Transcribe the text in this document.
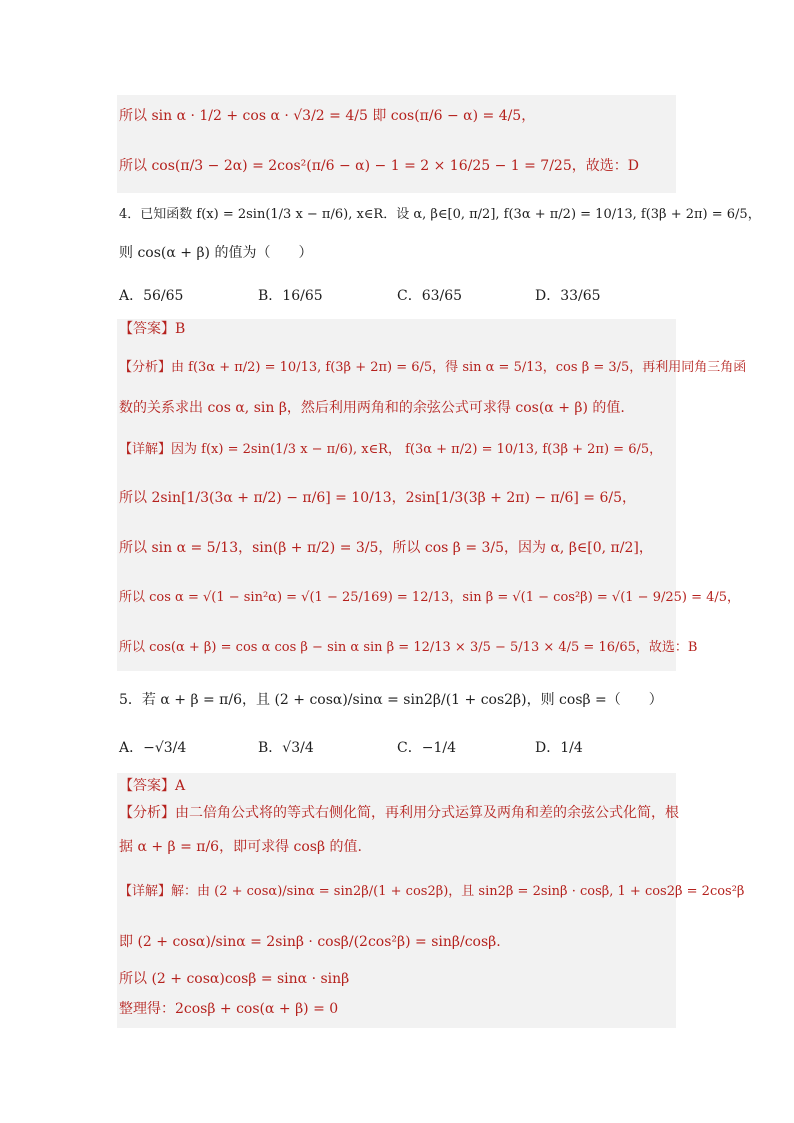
所以 sin α · 1/2 + cos α · √3/2 = 4/5 即 cos(π/6 − α) = 4/5，
所以 cos(π/3 − 2α) = 2cos²(π/6 − α) − 1 = 2 × 16/25 − 1 = 7/25，故选：D
4．已知函数 f(x) = 2sin(1/3 x − π/6), x∈R．设 α, β∈[0, π/2], f(3α + π/2) = 10/13, f(3β + 2π) = 6/5，
则 cos(α + β) 的值为（　　）
A．56/65	B．16/65	C．63/65	D．33/65
【答案】B
【分析】由 f(3α + π/2) = 10/13, f(3β + 2π) = 6/5，得 sin α = 5/13，cos β = 3/5，再利用同角三角函
数的关系求出 cos α, sin β，然后利用两角和的余弦公式可求得 cos(α + β) 的值.
【详解】因为 f(x) = 2sin(1/3 x − π/6), x∈R， f(3α + π/2) = 10/13, f(3β + 2π) = 6/5，
所以 2sin[1/3(3α + π/2) − π/6] = 10/13，2sin[1/3(3β + 2π) − π/6] = 6/5，
所以 sin α = 5/13，sin(β + π/2) = 3/5，所以 cos β = 3/5，因为 α, β∈[0, π/2]，
所以 cos α = √(1 − sin²α) = √(1 − 25/169) = 12/13，sin β = √(1 − cos²β) = √(1 − 9/25) = 4/5，
所以 cos(α + β) = cos α cos β − sin α sin β = 12/13 × 3/5 − 5/13 × 4/5 = 16/65，故选：B
5．若 α + β = π/6，且 (2 + cosα)/sinα = sin2β/(1 + cos2β)，则 cosβ =（　　）
A．−√3/4	B．√3/4	C．−1/4	D．1/4
【答案】A
【分析】由二倍角公式将的等式右侧化简，再利用分式运算及两角和差的余弦公式化简，根
据 α + β = π/6，即可求得 cosβ 的值.
【详解】解：由 (2 + cosα)/sinα = sin2β/(1 + cos2β)，且 sin2β = 2sinβ · cosβ, 1 + cos2β = 2cos²β
即 (2 + cosα)/sinα = 2sinβ · cosβ/(2cos²β) = sinβ/cosβ.
所以 (2 + cosα)cosβ = sinα · sinβ
整理得：2cosβ + cos(α + β) = 0
